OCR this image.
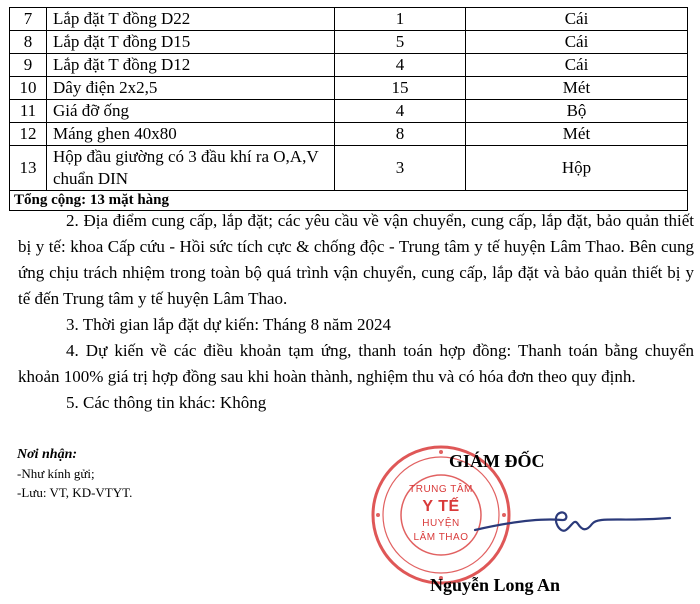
7	Lắp đặt T đồng D22	1	Cái
8	Lắp đặt T đồng D15	5	Cái
9	Lắp đặt T đồng D12	4	Cái
10	Dây điện 2x2,5	15	Mét
11	Giá đỡ ống	4	Bộ
12	Máng ghen 40x80	8	Mét
13	Hộp đầu giường có 3 đầu khí ra O,A,V chuẩn DIN	3	Hộp
Tổng cộng: 13 mặt hàng			

2. Địa điểm cung cấp, lắp đặt; các yêu cầu về vận chuyển, cung cấp, lắp đặt, bảo quản thiết bị y tế: khoa Cấp cứu - Hồi sức tích cực & chống độc - Trung tâm y tế huyện Lâm Thao. Bên cung ứng chịu trách nhiệm trong toàn bộ quá trình vận chuyển, cung cấp, lắp đặt và bảo quản thiết bị y tế đến Trung tâm y tế huyện Lâm Thao.

3. Thời gian lắp đặt dự kiến: Tháng 8 năm 2024

4. Dự kiến về các điều khoản tạm ứng, thanh toán hợp đồng: Thanh toán bằng chuyển khoản 100% giá trị hợp đồng sau khi hoàn thành, nghiệm thu và có hóa đơn theo quy định.

5. Các thông tin khác: Không

Nơi nhận:
-Như kính gửi;
-Lưu: VT, KD-VTYT.	TRUNG TÂM
Y TẾ
HUYỆN
LÂM THAO
GIÁM ĐỐC
Nguyễn Long An
